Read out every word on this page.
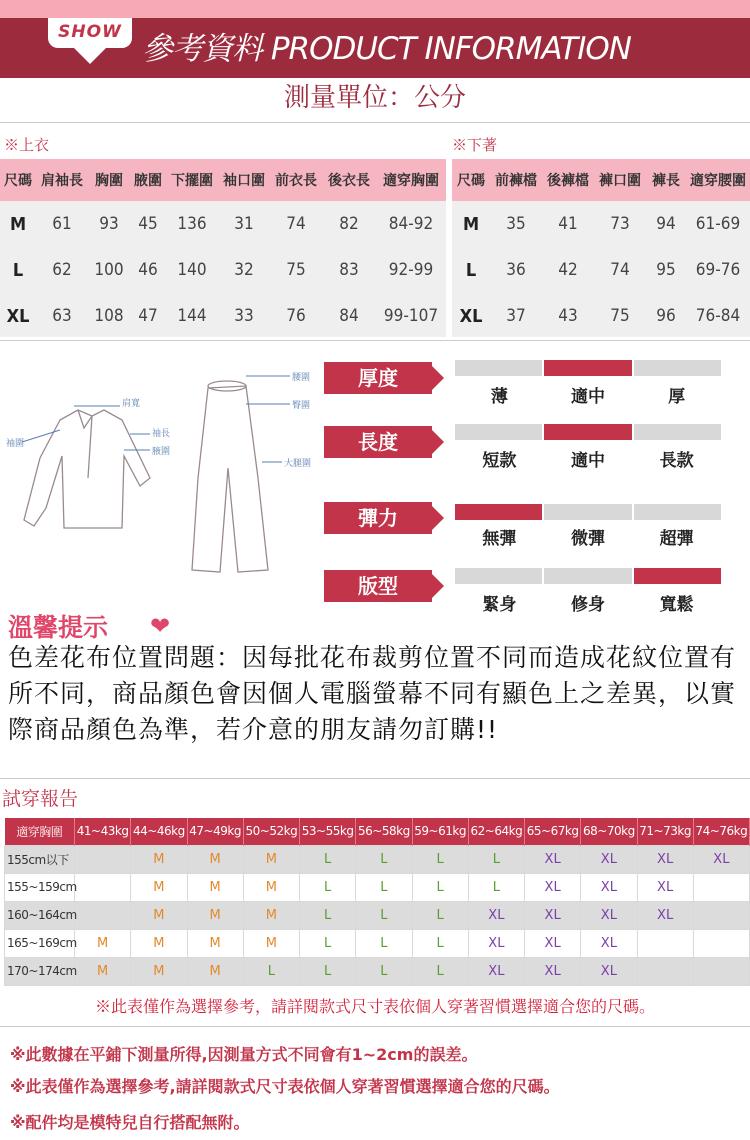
SHOW 參考資料 PRODUCT INFORMATION
測量單位：公分
※上衣	※下著
尺碼	肩袖長	胸圍	腋圍	下擺圍	袖口圍	前衣長	後衣長	適穿胸圍
M	61	93	45	136	31	74	82	84-92
L	62	100	46	140	32	75	83	92-99
XL	63	108	47	144	33	76	84	99-107
尺碼	前褲檔	後褲檔	褲口圍	褲長	適穿腰圍
M	35	41	73	94	61-69
L	36	42	74	95	69-76
XL	37	43	75	96	76-84
肩寬
袖圍
袖長
腋圍
腰圍
臀圍
大腿圍
厚度
薄	適中	厚
長度
短款	適中	長款
彈力
無彈	微彈	超彈
版型
緊身	修身	寬鬆
溫馨提示 ❤
色差花布位置問題：因每批花布裁剪位置不同而造成花紋位置有所不同，商品顏色會因個人電腦螢幕不同有顯色上之差異，以實際商品顏色為準，若介意的朋友請勿訂購!!
試穿報告
適穿胸圍	41~43kg	44~46kg	47~49kg	50~52kg	53~55kg	56~58kg	59~61kg	62~64kg	65~67kg	68~70kg	71~73kg	74~76kg
155cm以下		M	M	M	L	L	L	L	XL	XL	XL	XL
155~159cm		M	M	M	L	L	L	L	XL	XL	XL	
160~164cm		M	M	M	L	L	L	XL	XL	XL	XL	
165~169cm	M	M	M	M	L	L	L	XL	XL	XL		
170~174cm	M	M	M	L	L	L	L	XL	XL	XL		
※此表僅作為選擇參考，請詳閱款式尺寸表依個人穿著習慣選擇適合您的尺碼。
※此數據在平鋪下測量所得,因測量方式不同會有1~2cm的誤差。
※此表僅作為選擇參考,請詳閱款式尺寸表依個人穿著習慣選擇適合您的尺碼。
※配件均是模特兒自行搭配無附。
